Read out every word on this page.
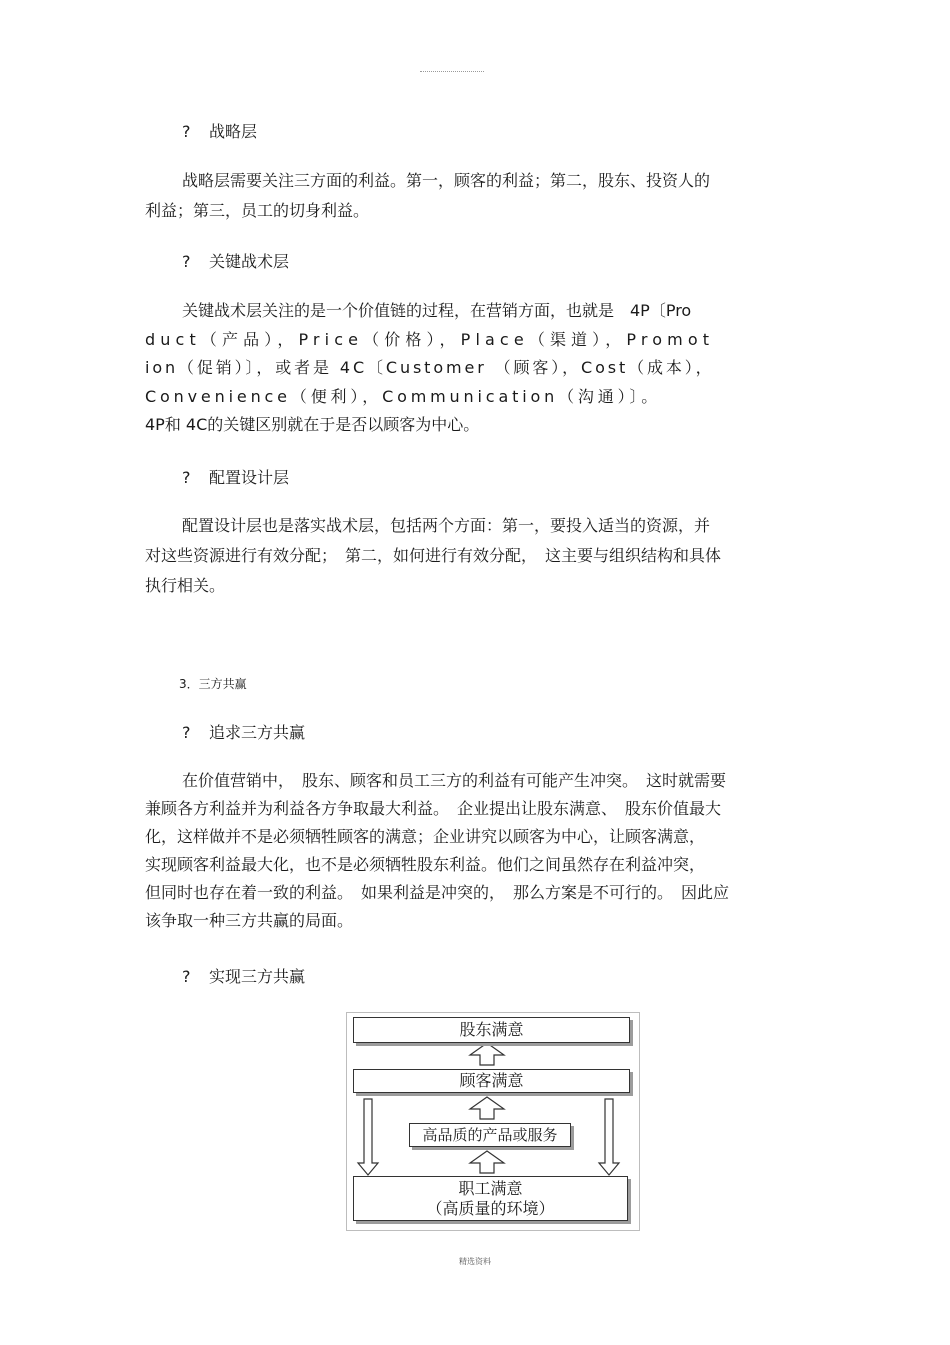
? 战略层

战略层需要关注三方面的利益。第一，顾客的利益；第二，股东、投资人的
利益；第三，员工的切身利益。

? 关键战术层

关键战术层关注的是一个价值链的过程，在营销方面，也就是　4P〔Pro
duct（产品），Price（价格），Place（渠道），Promot
ion（促销）〕，或者是 4C〔Customer （顾客），Cost（成本），
Convenience（便利），Communication（沟通）〕。
4P和 4C的关键区别就在于是否以顾客为中心。

? 配置设计层

配置设计层也是落实战术层，包括两个方面：第一，要投入适当的资源，并
对这些资源进行有效分配；　第二，如何进行有效分配，　这主要与组织结构和具体
执行相关。

3．三方共赢
? 追求三方共赢

在价值营销中，　股东、顾客和员工三方的利益有可能产生冲突。　这时就需要
兼顾各方利益并为利益各方争取最大利益。　企业提出让股东满意、　股东价值最大
化，这样做并不是必须牺牲顾客的满意；企业讲究以顾客为中心，让顾客满意，
实现顾客利益最大化，也不是必须牺牲股东利益。他们之间虽然存在利益冲突，
但同时也存在着一致的利益。　如果利益是冲突的，　那么方案是不可行的。　因此应
该争取一种三方共赢的局面。

? 实现三方共赢
股东满意
顾客满意
高品质的产品或服务
职工满意
（高质量的环境）
精选资料
